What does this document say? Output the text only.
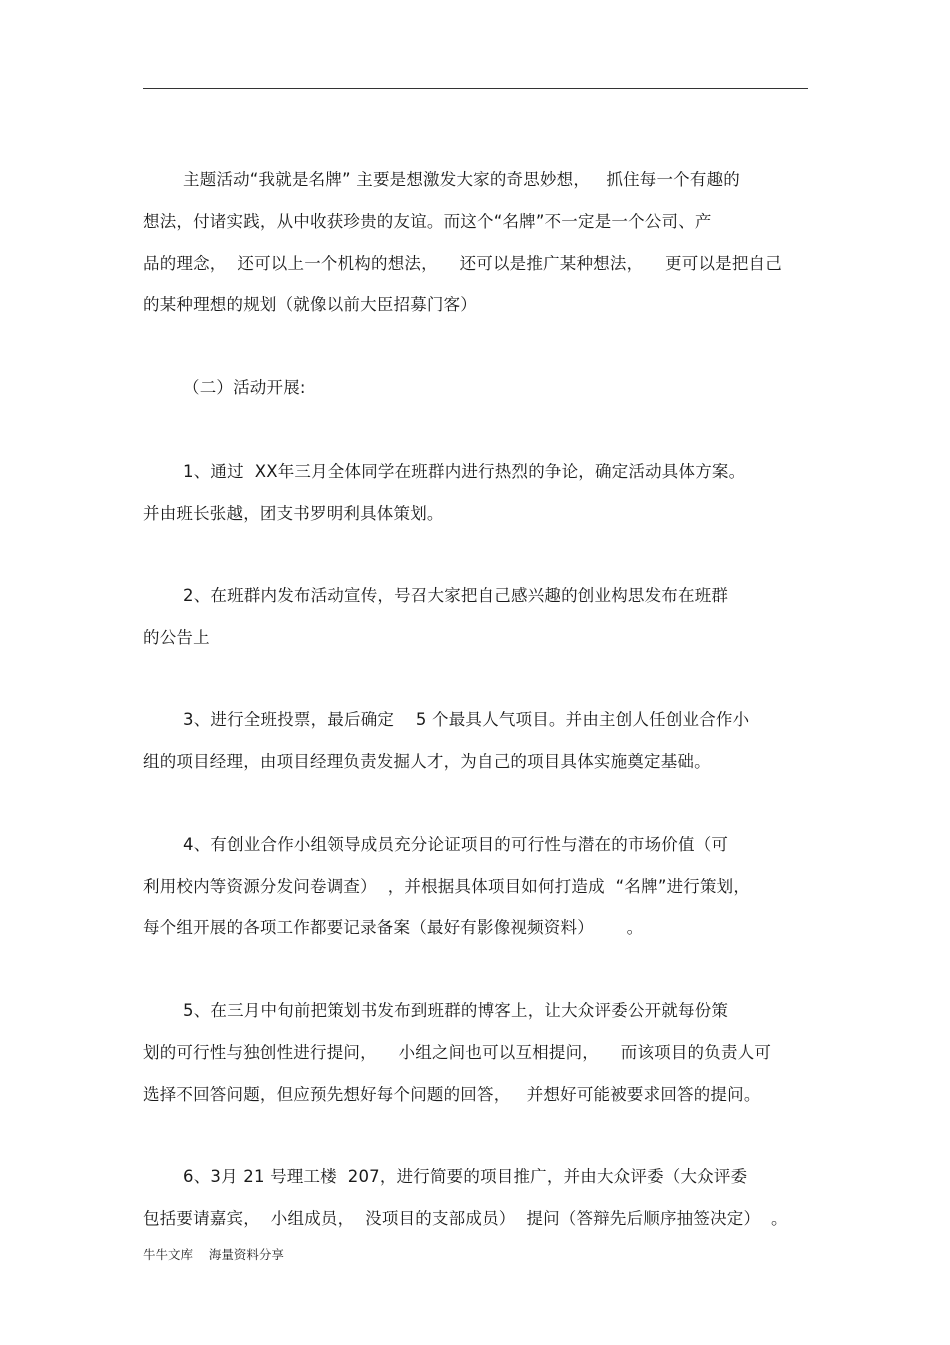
主题活动“我就是名牌” 主要是想激发大家的奇思妙想，   抓住每一个有趣的
想法，付诸实践，从中收获珍贵的友谊。而这个“名牌”不一定是一个公司、产
品的理念，  还可以上一个机构的想法，    还可以是推广某种想法，    更可以是把自己
的某种理想的规划（就像以前大臣招募门客）
（二）活动开展:
1、通过  XX年三月全体同学在班群内进行热烈的争论，确定活动具体方案。
并由班长张越，团支书罗明利具体策划。
2、在班群内发布活动宣传，号召大家把自己感兴趣的创业构思发布在班群
的公告上
3、进行全班投票，最后确定    5 个最具人气项目。并由主创人任创业合作小
组的项目经理，由项目经理负责发掘人才，为自己的项目具体实施奠定基础。
4、有创业合作小组领导成员充分论证项目的可行性与潜在的市场价值（可
利用校内等资源分发问卷调查）  ，并根据具体项目如何打造成  “名牌”进行策划，
每个组开展的各项工作都要记录备案（最好有影像视频资料）      。
5、在三月中旬前把策划书发布到班群的博客上，让大众评委公开就每份策
划的可行性与独创性进行提问，    小组之间也可以互相提问，    而该项目的负责人可
选择不回答问题，但应预先想好每个问题的回答，   并想好可能被要求回答的提问。
6、3月 21 号理工楼  207，进行简要的项目推广，并由大众评委（大众评委
包括要请嘉宾，  小组成员，  没项目的支部成员）  提问（答辩先后顺序抽签决定）  。
牛牛文库    海量资料分享
